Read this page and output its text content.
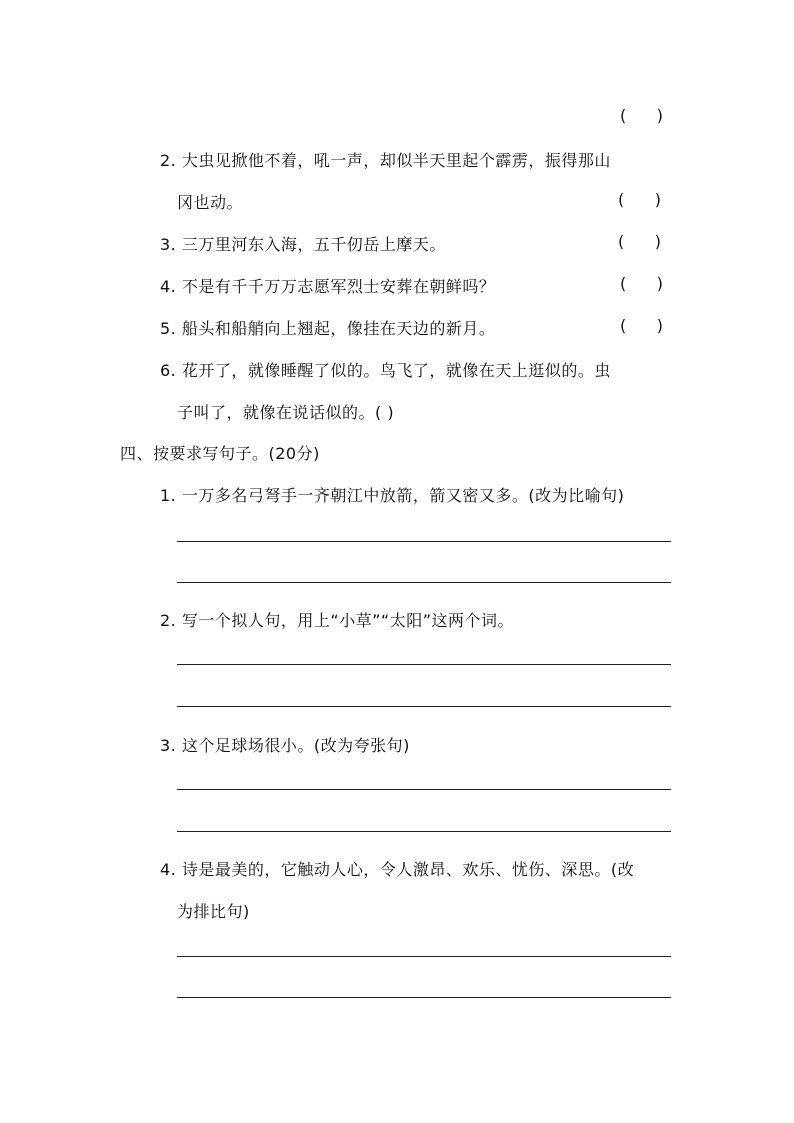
(      )
2. 大虫见掀他不着，吼一声，却似半天里起个霹雳，振得那山
冈也动。	(      )
3. 三万里河东入海，五千仞岳上摩天。	(      )
4. 不是有千千万万志愿军烈士安葬在朝鲜吗？	(      )
5. 船头和船艄向上翘起，像挂在天边的新月。	(      )
6. 花开了，就像睡醒了似的。鸟飞了，就像在天上逛似的。虫
子叫了，就像在说话似的。( )
四、按要求写句子。(20分)
1. 一万多名弓弩手一齐朝江中放箭，箭又密又多。(改为比喻句)
2. 写一个拟人句，用上“小草”“太阳”这两个词。
3. 这个足球场很小。(改为夸张句)
4. 诗是最美的，它触动人心，令人激昂、欢乐、忧伤、深思。(改
为排比句)
